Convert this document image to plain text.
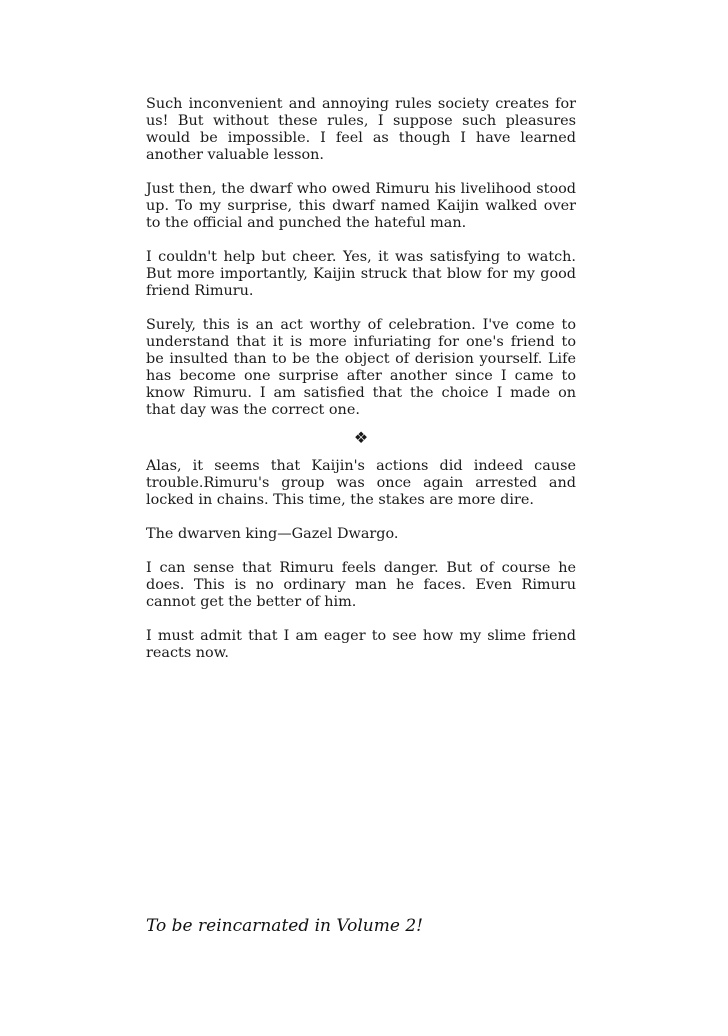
Such inconvenient and annoying rules society creates for us! But without these rules, I suppose such pleasures would be impossible. I feel as though I have learned another valuable lesson.

Just then, the dwarf who owed Rimuru his livelihood stood up. To my surprise, this dwarf named Kaijin walked over to the official and punched the hateful man.

I couldn't help but cheer. Yes, it was satisfying to watch. But more importantly, Kaijin struck that blow for my good friend Rimuru.

Surely, this is an act worthy of celebration. I've come to understand that it is more infuriating for one's friend to be insulted than to be the object of derision yourself. Life has become one surprise after another since I came to know Rimuru. I am satisfied that the choice I made on that day was the correct one.

❖

Alas, it seems that Kaijin's actions did indeed cause trouble.Rimuru's group was once again arrested and locked in chains. This time, the stakes are more dire.

The dwarven king—Gazel Dwargo.

I can sense that Rimuru feels danger. But of course he does. This is no ordinary man he faces. Even Rimuru cannot get the better of him.

I must admit that I am eager to see how my slime friend reacts now.

To be reincarnated in Volume 2!
